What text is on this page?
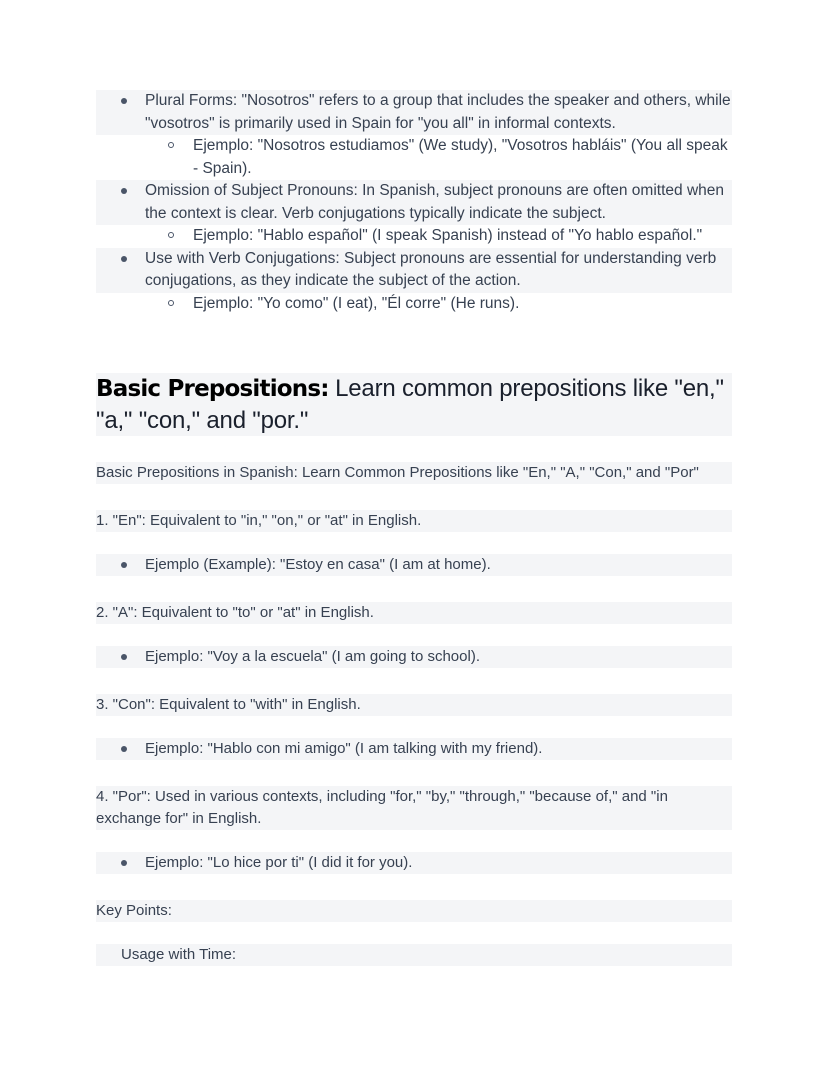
Plural Forms: "Nosotros" refers to a group that includes the speaker and others, while "vosotros" is primarily used in Spain for "you all" in informal contexts.
Ejemplo: "Nosotros estudiamos" (We study), "Vosotros habláis" (You all speak - Spain).
Omission of Subject Pronouns: In Spanish, subject pronouns are often omitted when the context is clear. Verb conjugations typically indicate the subject.
Ejemplo: "Hablo español" (I speak Spanish) instead of "Yo hablo español."
Use with Verb Conjugations: Subject pronouns are essential for understanding verb conjugations, as they indicate the subject of the action.
Ejemplo: "Yo como" (I eat), "Él corre" (He runs).
Basic Prepositions: Learn common prepositions like "en," "a," "con," and "por."
Basic Prepositions in Spanish: Learn Common Prepositions like "En," "A," "Con," and "Por"
1. "En": Equivalent to "in," "on," or "at" in English.
Ejemplo (Example): "Estoy en casa" (I am at home).
2. "A": Equivalent to "to" or "at" in English.
Ejemplo: "Voy a la escuela" (I am going to school).
3. "Con": Equivalent to "with" in English.
Ejemplo: "Hablo con mi amigo" (I am talking with my friend).
4. "Por": Used in various contexts, including "for," "by," "through," "because of," and "in exchange for" in English.
Ejemplo: "Lo hice por ti" (I did it for you).
Key Points:
Usage with Time:
